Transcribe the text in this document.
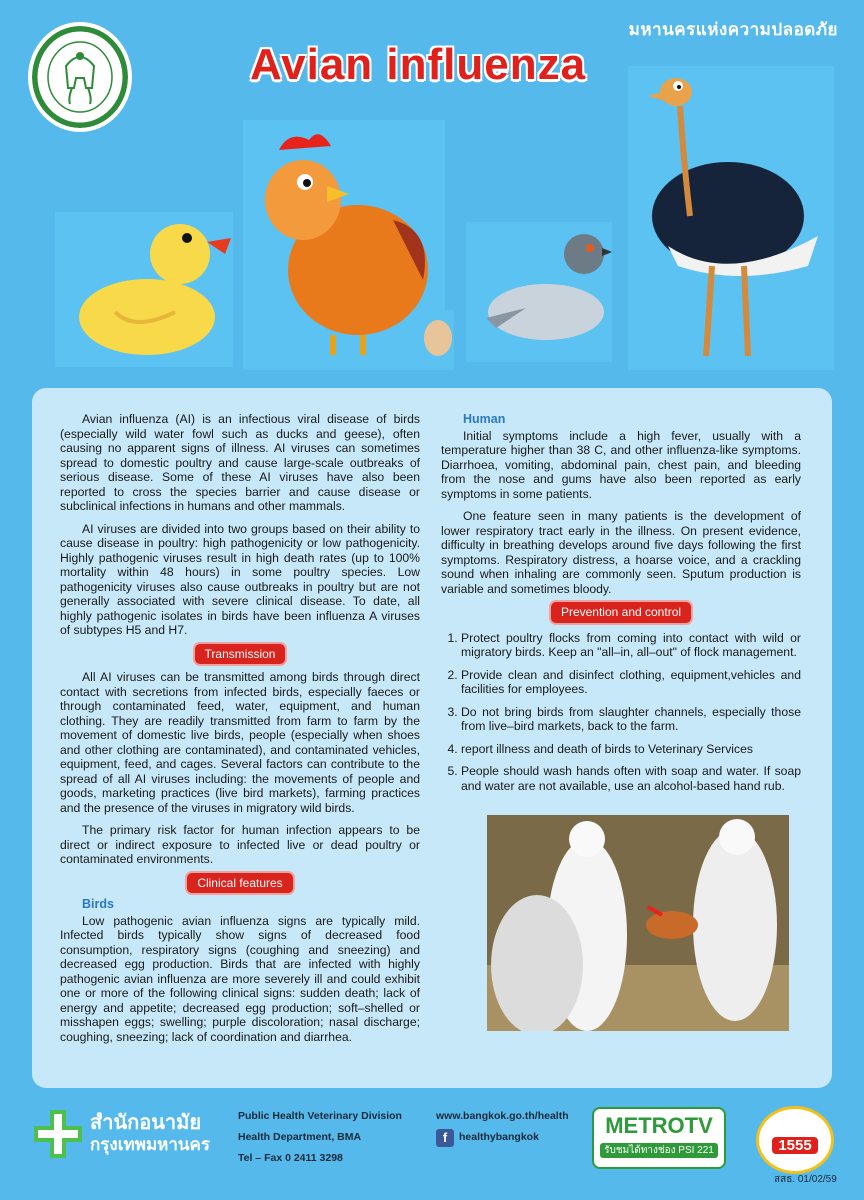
มหานครแห่งความปลอดภัย
Avian influenza

Avian influenza (AI) is an infectious viral disease of birds (especially wild water fowl such as ducks and geese), often causing no apparent signs of illness. AI viruses can sometimes spread to domestic poultry and cause large-scale outbreaks of serious disease. Some of these AI viruses have also been reported to cross the species barrier and cause disease or subclinical infections in humans and other mammals.

AI viruses are divided into two groups based on their ability to cause disease in poultry: high pathogenicity or low pathogenicity. Highly pathogenic viruses result in high death rates (up to 100% mortality within 48 hours) in some poultry species. Low pathogenicity viruses also cause outbreaks in poultry but are not generally associated with severe clinical disease. To date, all highly pathogenic isolates in birds have been influenza A viruses of subtypes H5 and H7.

Transmission

All AI viruses can be transmitted among birds through direct contact with secretions from infected birds, especially faeces or through contaminated feed, water, equipment, and human clothing. They are readily transmitted from farm to farm by the movement of domestic live birds, people (especially when shoes and other clothing are contaminated), and contaminated vehicles, equipment, feed, and cages. Several factors can contribute to the spread of all AI viruses including: the movements of people and goods, marketing practices (live bird markets), farming practices and the presence of the viruses in migratory wild birds.

The primary risk factor for human infection appears to be direct or indirect exposure to infected live or dead poultry or contaminated environments.

Clinical features
Birds

Low pathogenic avian influenza signs are typically mild. Infected birds typically show signs of decreased food consumption, respiratory signs (coughing and sneezing) and decreased egg production. Birds that are infected with highly pathogenic avian influenza are more severely ill and could exhibit one or more of the following clinical signs: sudden death; lack of energy and appetite; decreased egg production; soft–shelled or misshapen eggs; swelling; purple discoloration; nasal discharge; coughing, sneezing; lack of coordination and diarrhea.

Human

Initial symptoms include a high fever, usually with a temperature higher than 38 C, and other influenza-like symptoms. Diarrhoea, vomiting, abdominal pain, chest pain, and bleeding from the nose and gums have also been reported as early symptoms in some patients.

One feature seen in many patients is the development of lower respiratory tract early in the illness. On present evidence, difficulty in breathing develops around five days following the first symptoms. Respiratory distress, a hoarse voice, and a crackling sound when inhaling are commonly seen. Sputum production is variable and sometimes bloody.

Prevention and control
1. Protect poultry flocks from coming into contact with wild or migratory birds. Keep an "all–in, all–out" of flock management.
2. Provide clean and disinfect clothing, equipment,vehicles and facilities for employees.
3. Do not bring birds from slaughter channels, especially those from live–bird markets, back to the farm.
4. report illness and death of birds to Veterinary Services
5. People should wash hands often with soap and water. If soap and water are not available, use an alcohol-based hand rub.
สำนักอนามัย
กรุงเทพมหานคร
Public Health Veterinary Division
Health Department, BMA
Tel – Fax 0 2411 3298
www.bangkok.go.th/health
f	healthybangkok	METROTV
รับชมได้ทางช่อง PSI 221	1555
สสธ. 01/02/59
